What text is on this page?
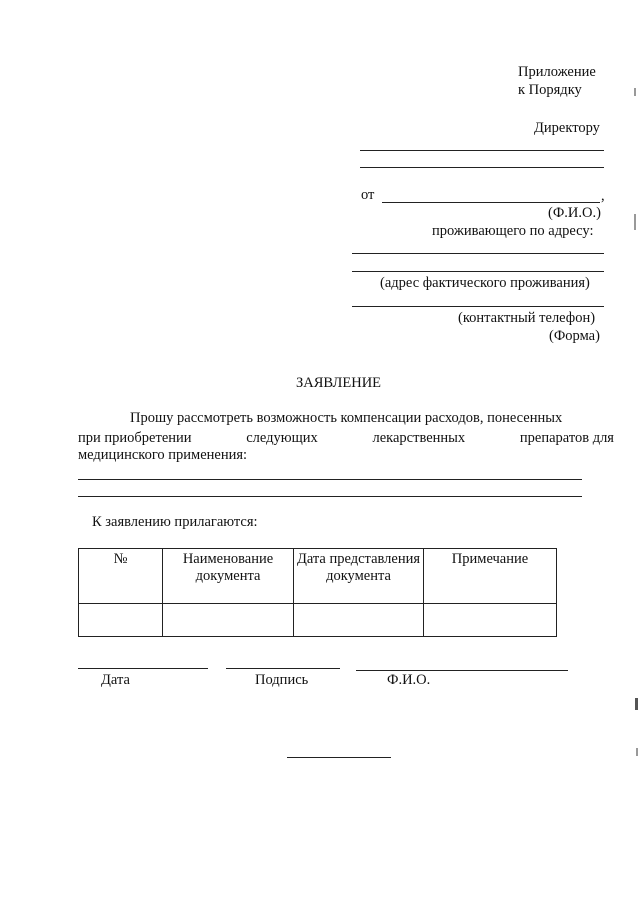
Приложение
к Порядку
Директору
от	,
(Ф.И.О.)
проживающего по адресу:
(адрес фактического проживания)
(контактный телефон)
(Форма)
ЗАЯВЛЕНИЕ
Прошу рассмотреть возможность компенсации расходов, понесенных
при приобретении	следующих	лекарственных	препаратов для
медицинского применения:
К заявлению прилагаются:
№	Наименование документа	Дата представления документа	Примечание

Дата	Подпись	Ф.И.О.
